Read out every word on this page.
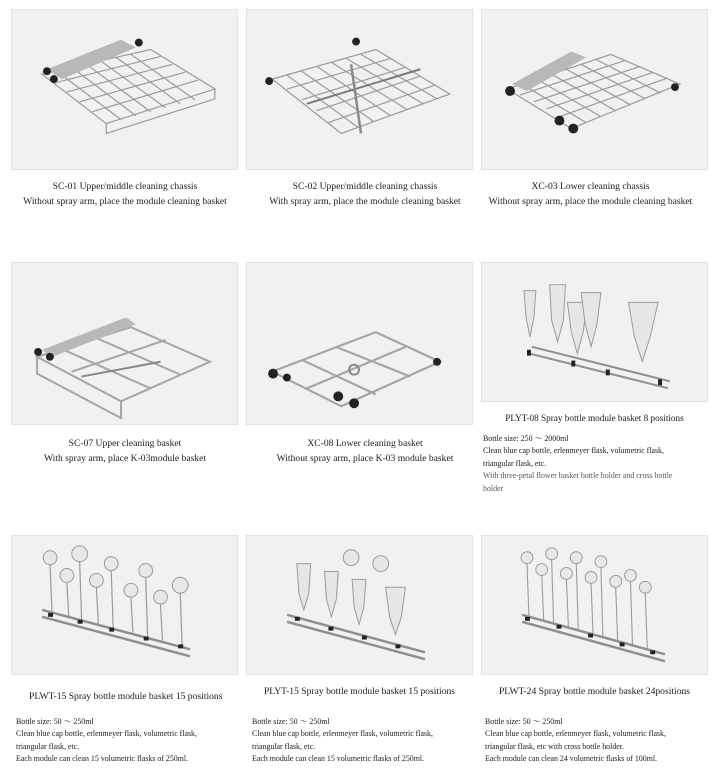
SC-01 Upper/middle cleaning chassis
Without spray arm, place the module cleaning basket
SC-02 Upper/middle cleaning chassis
With spray arm, place the module cleaning basket
XC-03 Lower cleaning chassis
Without spray arm, place the module cleaning basket
SC-07 Upper cleaning basket
With spray arm, place K-03module basket
XC-08 Lower cleaning basket
Without spray arm, place K-03 module basket
PLYT-08 Spray bottle module basket 8 positions
Bottle size: 250 ～ 2000ml
Clean blue cap bottle, erlenmeyer flask, volumetric flask,
triangular flask, etc.
With three-petal flower basket bottle holder and cross bottle
holder
PLWT-15 Spray bottle module basket 15 positions
Bottle size: 50 ～ 250ml
Clean blue cap bottle, erlenmeyer flask, volumetric flask,
triangular flask, etc.
Each module can clean 15 volumetric flasks of 250ml.
PLYT-15 Spray bottle module basket 15 positions
Bottle size: 50 ～ 250ml
Clean blue cap bottle, erlenmeyer flask, volumetric flask,
triangular flask, etc.
Each module can clean 15 volumetric flasks of 250ml.
PLWT-24 Spray bottle module basket 24positions
Bottle size: 50 ～ 250ml
Clean blue cap bottle, erlenmeyer flask, volumetric flask,
triangular flask, etc with cross bottle holder.
Each module can clean 24 volumetric flasks of 100ml.
